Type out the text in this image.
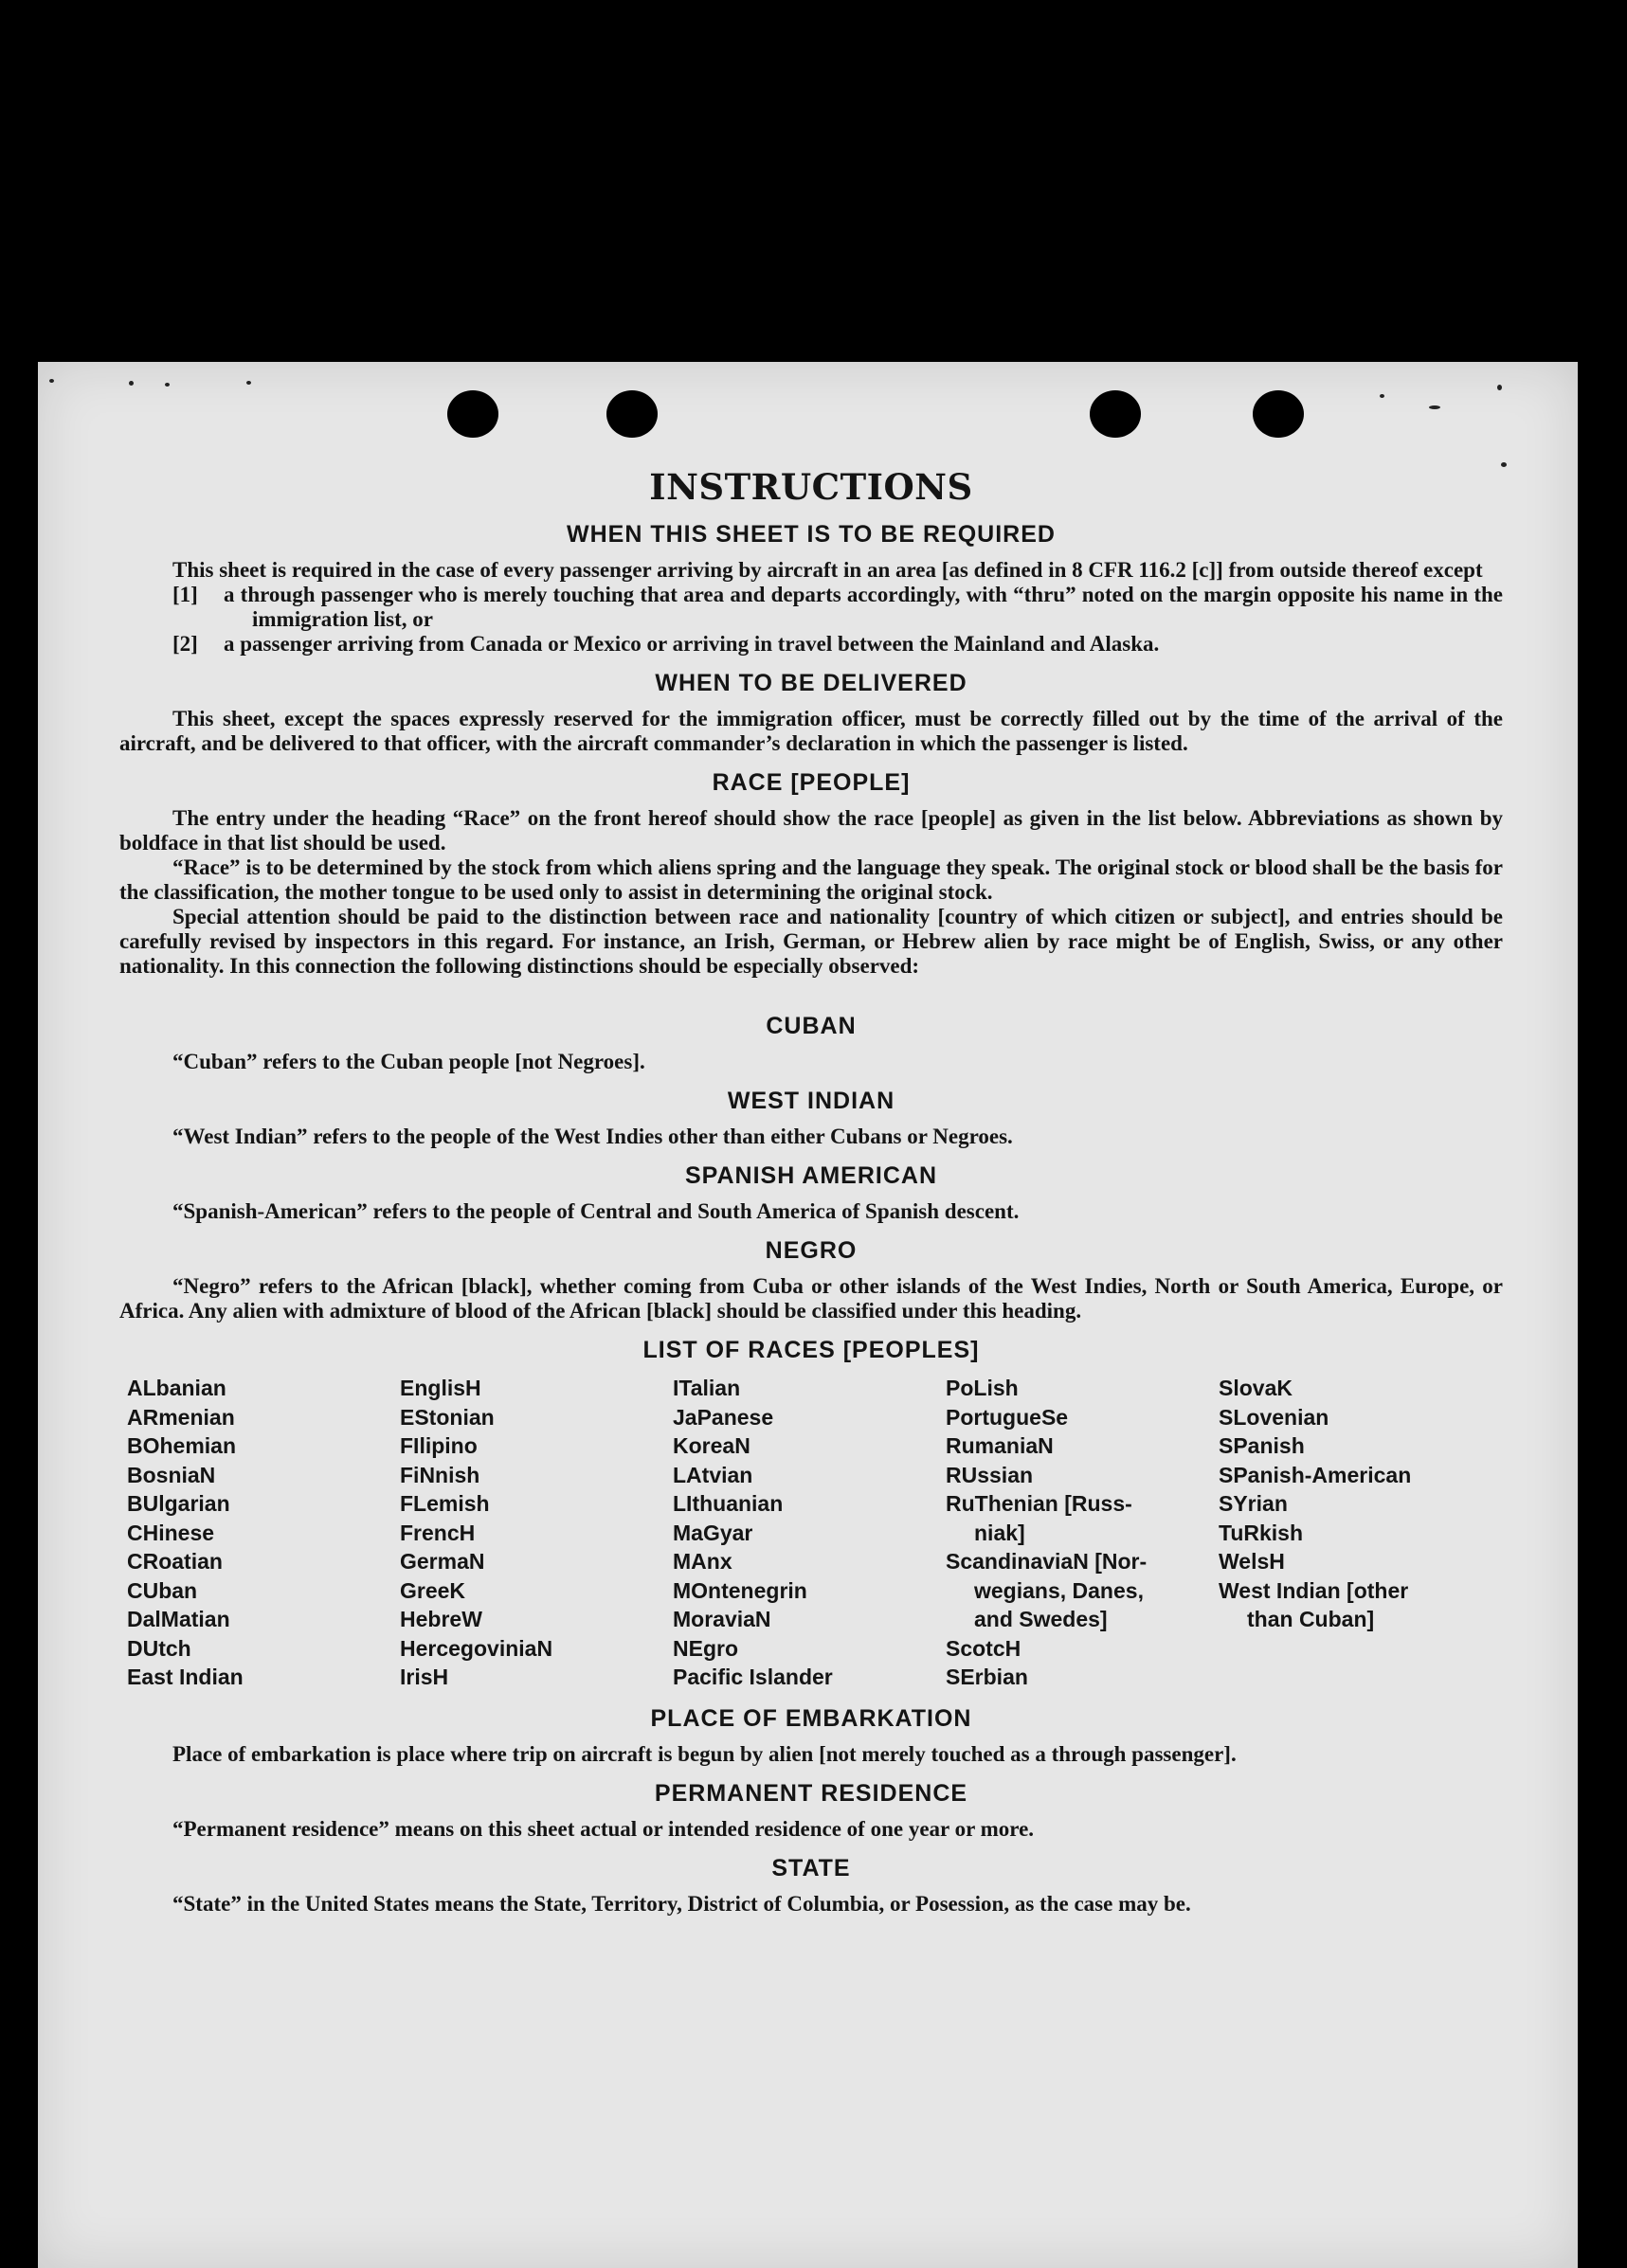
INSTRUCTIONS
WHEN THIS SHEET IS TO BE REQUIRED

This sheet is required in the case of every passenger arriving by aircraft in an area [as defined in 8 CFR 116.2 [c]] from outside thereof except

[1] a through passenger who is merely touching that area and departs accordingly, with “thru” noted on the margin opposite his name in the immigration list, or

[2] a passenger arriving from Canada or Mexico or arriving in travel between the Mainland and Alaska.

WHEN TO BE DELIVERED

This sheet, except the spaces expressly reserved for the immigration officer, must be correctly filled out by the time of the arrival of the aircraft, and be delivered to that officer, with the aircraft commander’s declaration in which the passenger is listed.

RACE [PEOPLE]

The entry under the heading “Race” on the front hereof should show the race [people] as given in the list below. Abbreviations as shown by boldface in that list should be used.

“Race” is to be determined by the stock from which aliens spring and the language they speak. The original stock or blood shall be the basis for the classification, the mother tongue to be used only to assist in determining the original stock.

Special attention should be paid to the distinction between race and nationality [country of which citizen or subject], and entries should be carefully revised by inspectors in this regard. For instance, an Irish, German, or Hebrew alien by race might be of English, Swiss, or any other nationality. In this connection the following distinctions should be especially observed:

CUBAN

“Cuban” refers to the Cuban people [not Negroes].

WEST INDIAN

“West Indian” refers to the people of the West Indies other than either Cubans or Negroes.

SPANISH AMERICAN

“Spanish-American” refers to the people of Central and South America of Spanish descent.

NEGRO

“Negro” refers to the African [black], whether coming from Cuba or other islands of the West Indies, North or South America, Europe, or Africa. Any alien with admixture of blood of the African [black] should be classified under this heading.

LIST OF RACES [PEOPLES]
ALbanian
ARmenian
BOhemian
BosniaN
BUlgarian
CHinese
CRoatian
CUban
DalMatian
DUtch
East Indian
EnglisH
EStonian
FIlipino
FiNnish
FLemish
FrencH
GermaN
GreeK
HebreW
HercegoviniaN
IrisH
ITalian
JaPanese
KoreaN
LAtvian
LIthuanian
MaGyar
MAnx
MOntenegrin
MoraviaN
NEgro
Pacific Islander
PoLish
PortugueSe
RumaniaN
RUssian
RuThenian [Russ-
niak]
ScandinaviaN [Nor-
wegians, Danes,
and Swedes]
ScotcH
SErbian
SlovaK
SLovenian
SPanish
SPanish-American
SYrian
TuRkish
WelsH
West Indian [other
than Cuban]
PLACE OF EMBARKATION

Place of embarkation is place where trip on aircraft is begun by alien [not merely touched as a through passenger].

PERMANENT RESIDENCE

“Permanent residence” means on this sheet actual or intended residence of one year or more.

STATE

“State” in the United States means the State, Territory, District of Columbia, or Posession, as the case may be.
